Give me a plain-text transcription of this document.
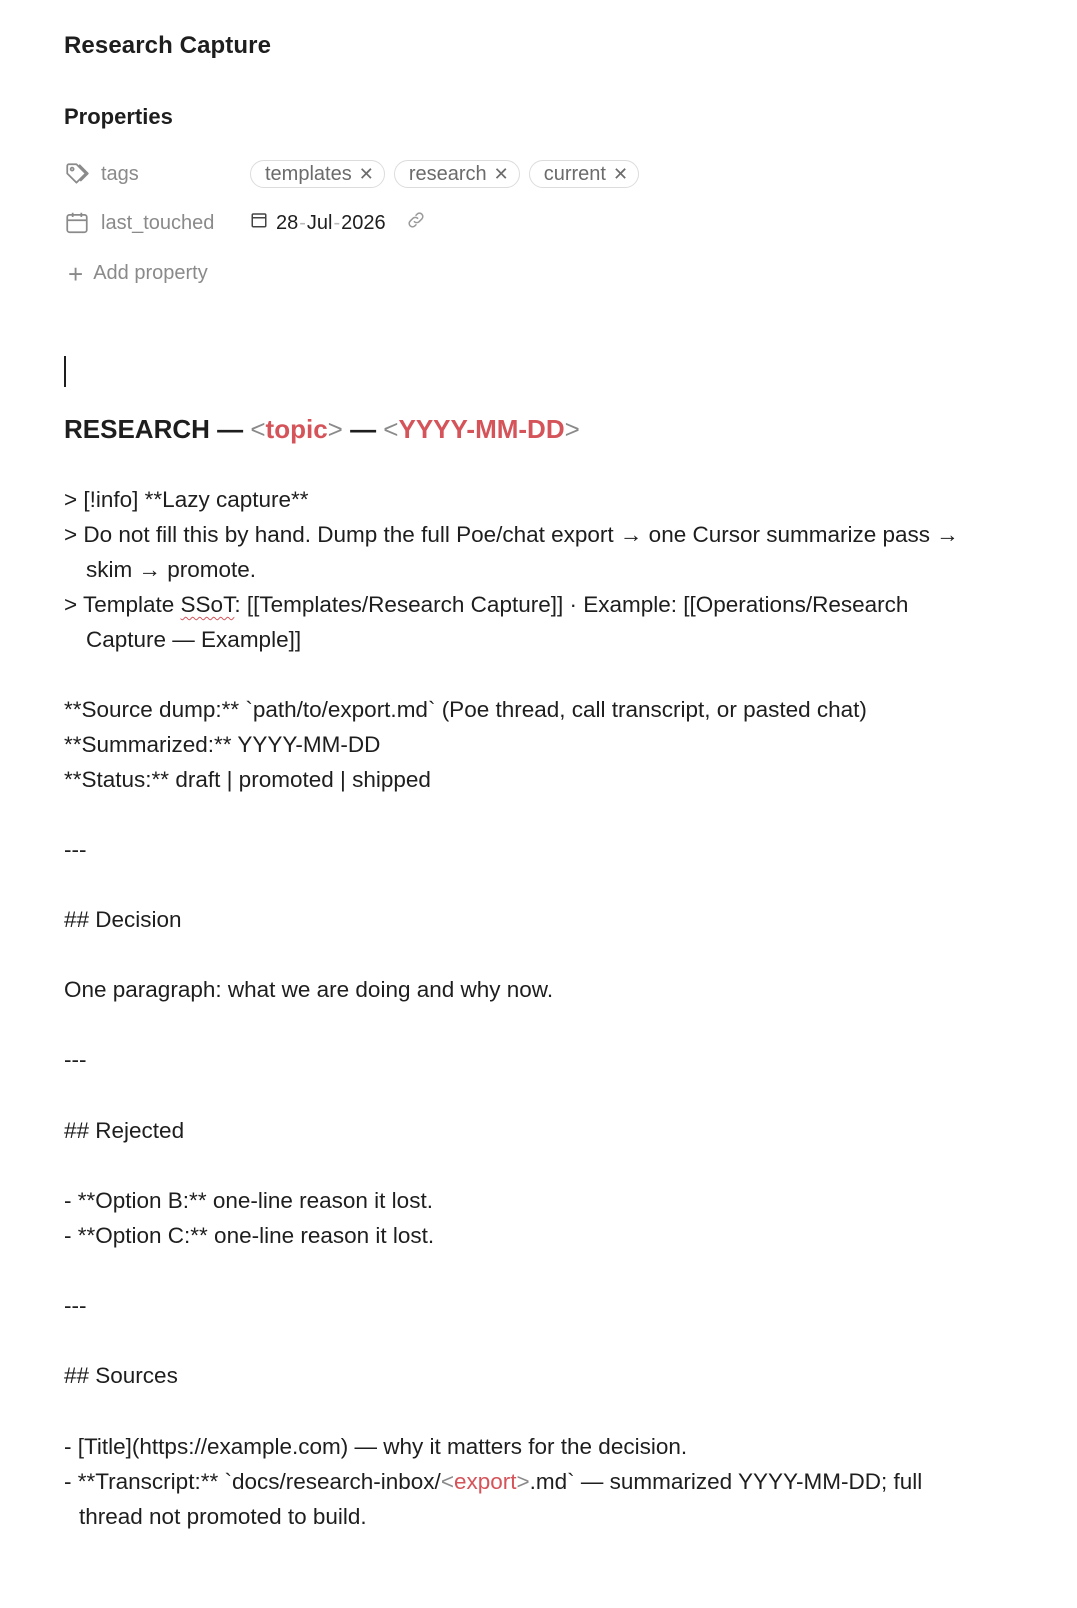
Research Capture
Properties
tags	templates ✕ research ✕ current ✕
last_touched	28 - Jul - 2026
+ Add property
RESEARCH — <topic> — <YYYY-MM-DD>
> [!info] **Lazy capture**
> Do not fill this by hand. Dump the full Poe/chat export → one Cursor summarize pass →
skim → promote.
> Template SSoT: [[Templates/Research Capture]] · Example: [[Operations/Research
Capture — Example]]
**Source dump:** `path/to/export.md` (Poe thread, call transcript, or pasted chat)
**Summarized:** YYYY-MM-DD
**Status:** draft | promoted | shipped
---
## Decision
One paragraph: what we are doing and why now.
---
## Rejected
- **Option B:** one-line reason it lost.
- **Option C:** one-line reason it lost.
---
## Sources
- [Title](https://example.com) — why it matters for the decision.
- **Transcript:** `docs/research-inbox/<export>.md` — summarized YYYY-MM-DD; full
thread not promoted to build.
